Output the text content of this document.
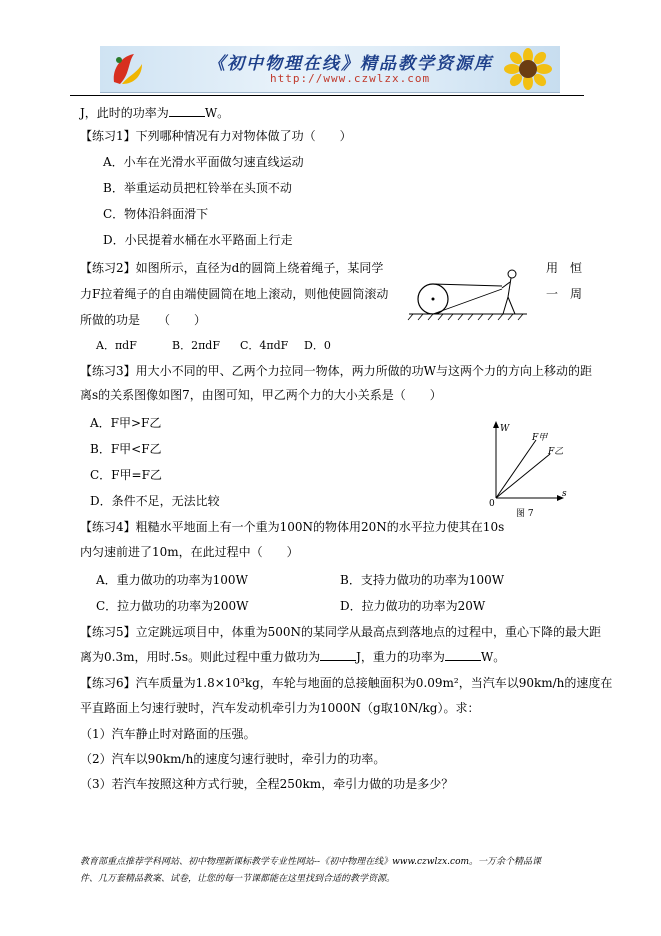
《初中物理在线》精品教学资源库
http://www.czwlzx.com
J，此时的功率为	W。
【练习1】下列哪种情况有力对物体做了功（　　）
A．小车在光滑水平面做匀速直线运动
B．举重运动员把杠铃举在头顶不动
C．物体沿斜面滑下
D．小民提着水桶在水平路面上行走
【练习2】如图所示，直径为d的圆筒上绕着绳子，某同学	用　恒
力F拉着绳子的自由端使圆筒在地上滚动，则他使圆筒滚动	一　周
所做的功是　　（　　）
A．πdF	B．2πdF C．4πdF D．0
【练习3】用大小不同的甲、乙两个力拉同一物体，两力所做的功W与这两个力的方向上移动的距
离s的关系图像如图7，由图可知，甲乙两个力的大小关系是（　　）
A．F甲>F乙
B．F甲<F乙
C．F甲=F乙
D．条件不足，无法比较
W
F甲
F乙
0
s
图 7
【练习4】粗糙水平地面上有一个重为100N的物体用20N的水平拉力使其在10s
内匀速前进了10m，在此过程中（　　）
A．重力做功的功率为100W	B．支持力做功的功率为100W
C．拉力做功的功率为200W	D．拉力做功的功率为20W
【练习5】立定跳远项目中，体重为500N的某同学从最高点到落地点的过程中，重心下降的最大距
离为0.3m，用时.5s。则此过程中重力做功为	J，重力的功率为	W。
【练习6】汽车质量为1.8×10³kg，车轮与地面的总接触面积为0.09m²，当汽车以90km/h的速度在
平直路面上匀速行驶时，汽车发动机牵引力为1000N（g取10N/kg）。求：
（1）汽车静止时对路面的压强。
（2）汽车以90km/h的速度匀速行驶时，牵引力的功率。
（3）若汽车按照这种方式行驶，全程250km，牵引力做的功是多少？
教育部重点推荐学科网站、初中物理新课标教学专业性网站--《初中物理在线》www.czwlzx.com。一万余个精品课
件、几万套精品教案、试卷，让您的每一节课都能在这里找到合适的教学资源。
